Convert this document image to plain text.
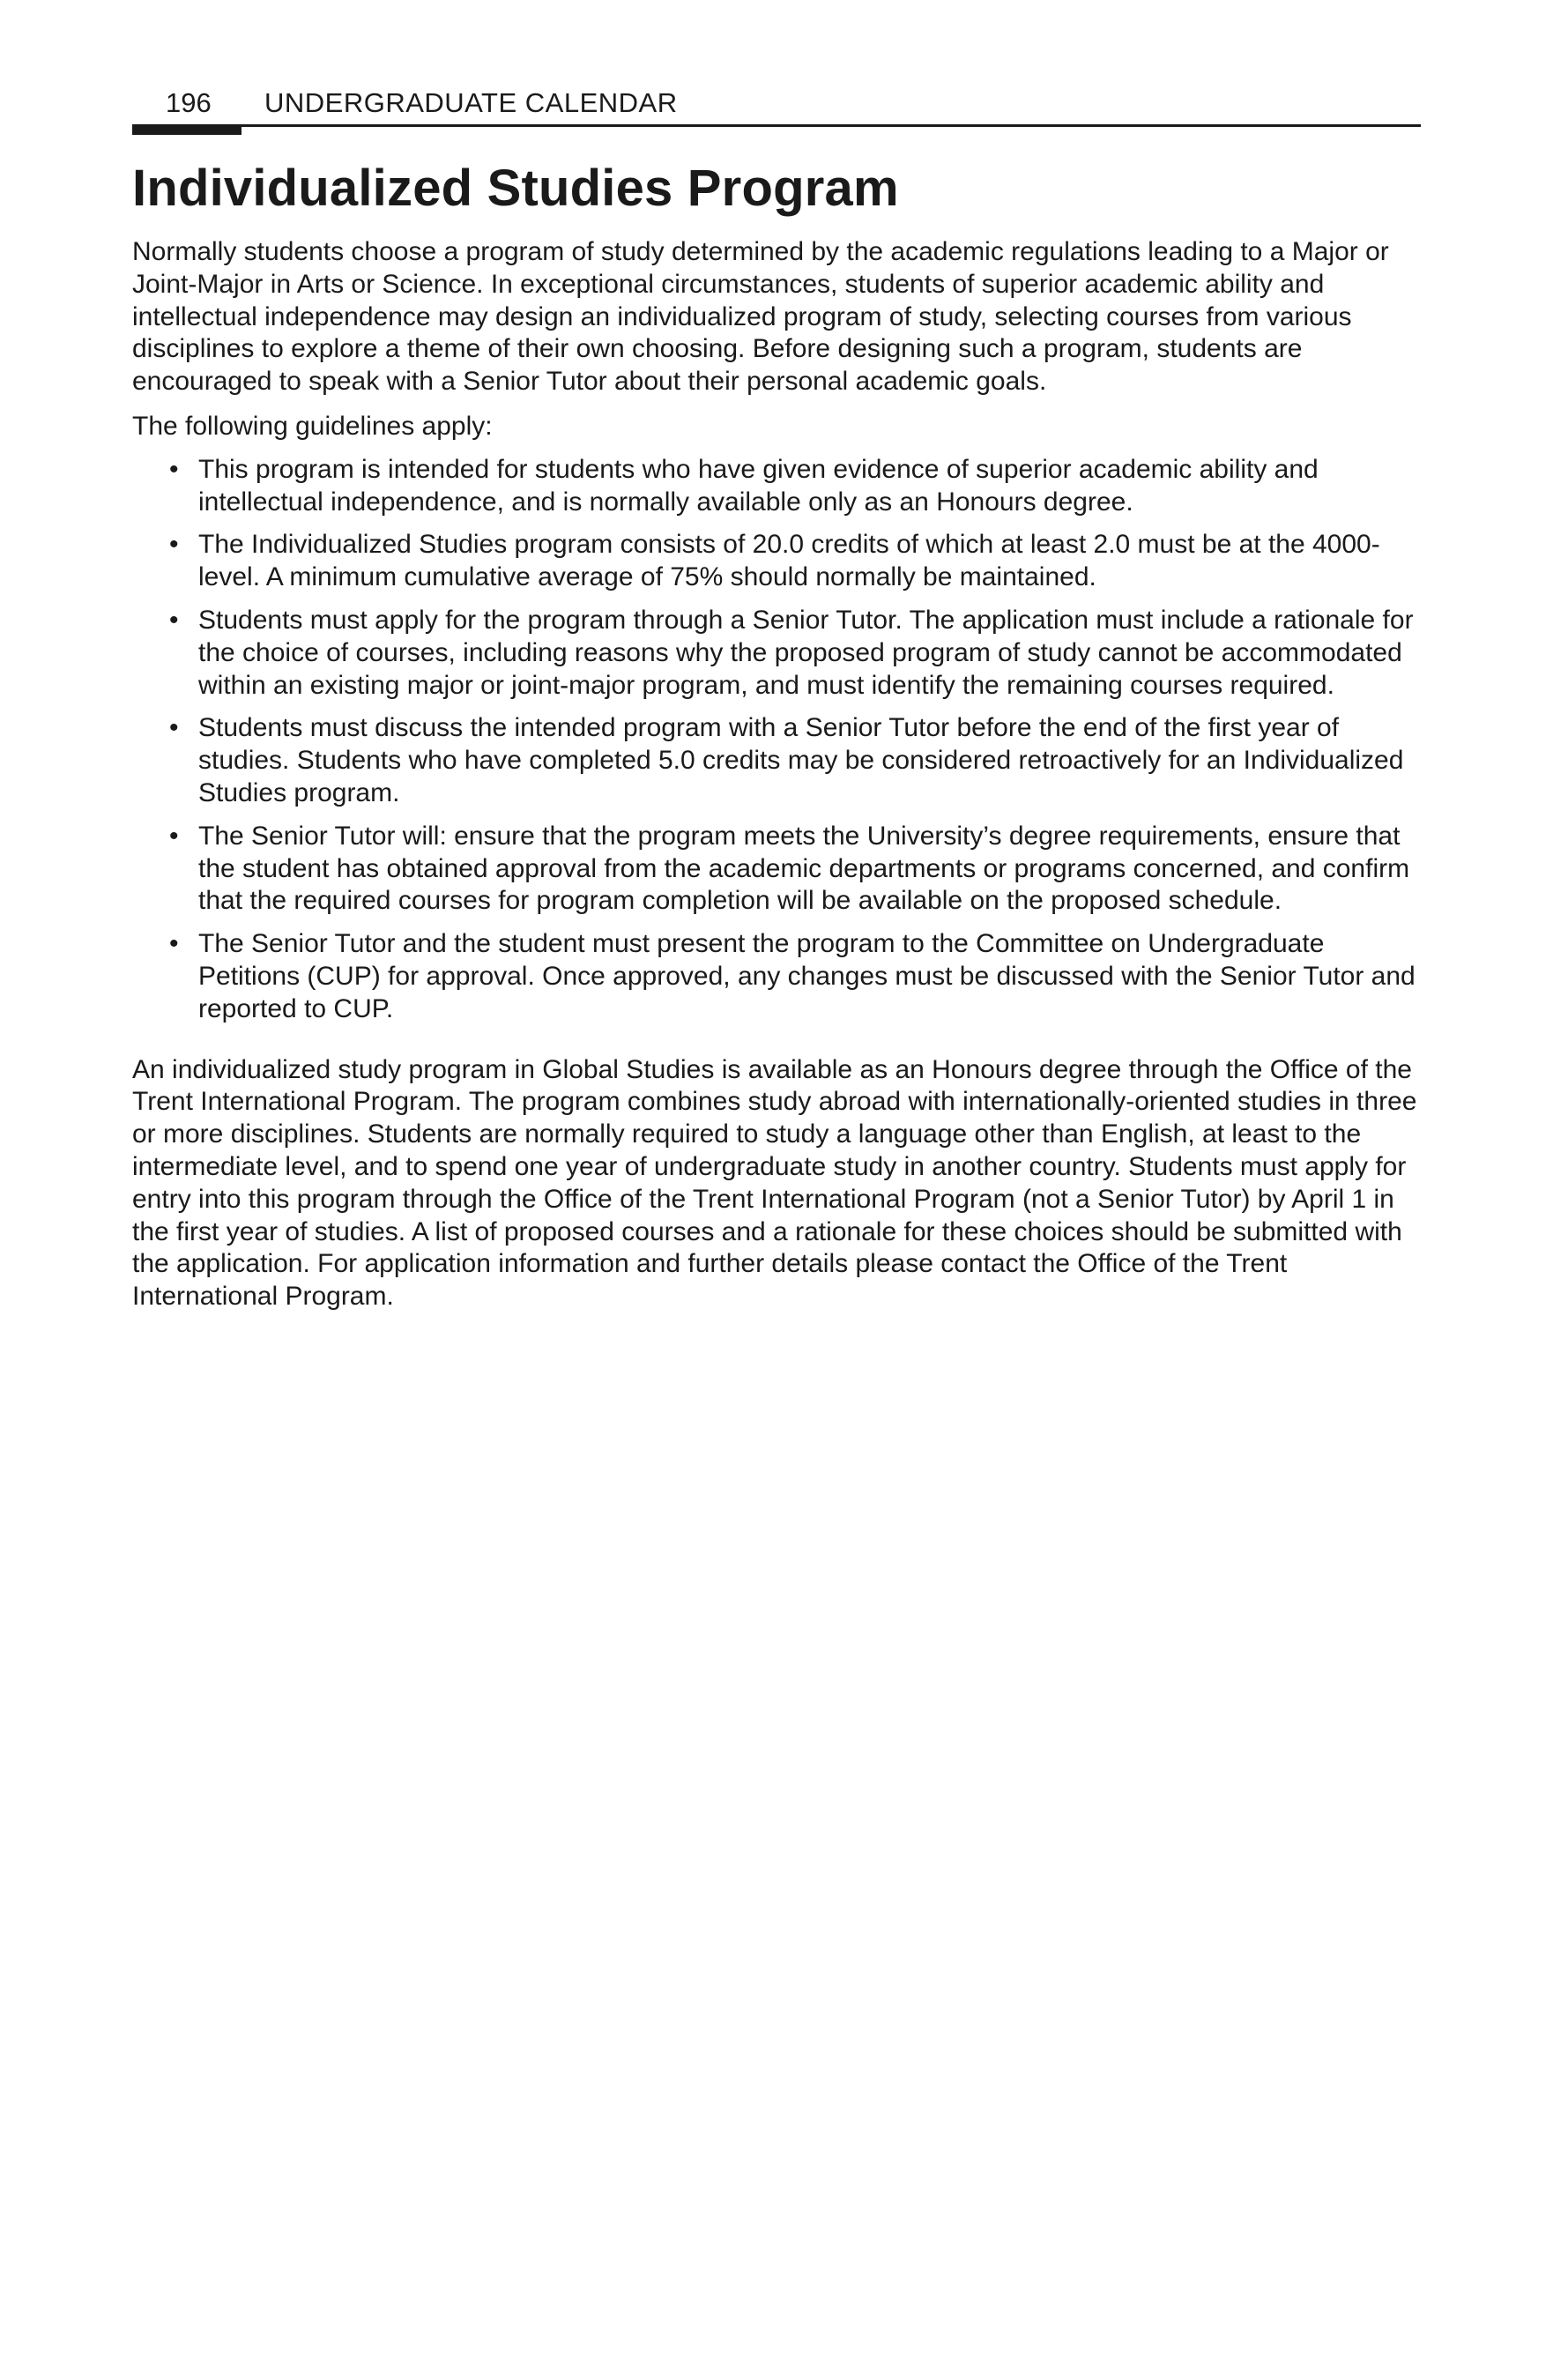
196 UNDERGRADUATE CALENDAR
Individualized Studies Program

Normally students choose a program of study determined by the academic regulations leading to a Major or Joint-Major in Arts or Science. In exceptional circumstances, students of superior academic ability and intellectual independence may design an individualized program of study, selecting courses from various disciplines to explore a theme of their own choosing. Before designing such a program, students are encouraged to speak with a Senior Tutor about their personal academic goals.

The following guidelines apply:

• This program is intended for students who have given evidence of superior academic ability and intellectual independence, and is normally available only as an Honours degree.
• The Individualized Studies program consists of 20.0 credits of which at least 2.0 must be at the 4000-level. A minimum cumulative average of 75% should normally be maintained.
• Students must apply for the program through a Senior Tutor. The application must include a rationale for the choice of courses, including reasons why the proposed program of study cannot be accommodated within an existing major or joint-major program, and must identify the remaining courses required.
• Students must discuss the intended program with a Senior Tutor before the end of the first year of studies. Students who have completed 5.0 credits may be considered retroactively for an Individualized Studies program.
• The Senior Tutor will: ensure that the program meets the University’s degree requirements, ensure that the student has obtained approval from the academic departments or programs concerned, and confirm that the required courses for program completion will be available on the proposed schedule.
• The Senior Tutor and the student must present the program to the Committee on Undergraduate Petitions (CUP) for approval. Once approved, any changes must be discussed with the Senior Tutor and reported to CUP.

An individualized study program in Global Studies is available as an Honours degree through the Office of the Trent International Program. The program combines study abroad with internationally-oriented studies in three or more disciplines. Students are normally required to study a language other than English, at least to the intermediate level, and to spend one year of undergraduate study in another country. Students must apply for entry into this program through the Office of the Trent International Program (not a Senior Tutor) by April 1 in the first year of studies. A list of proposed courses and a rationale for these choices should be submitted with the application. For application information and further details please contact the Office of the Trent International Program.
